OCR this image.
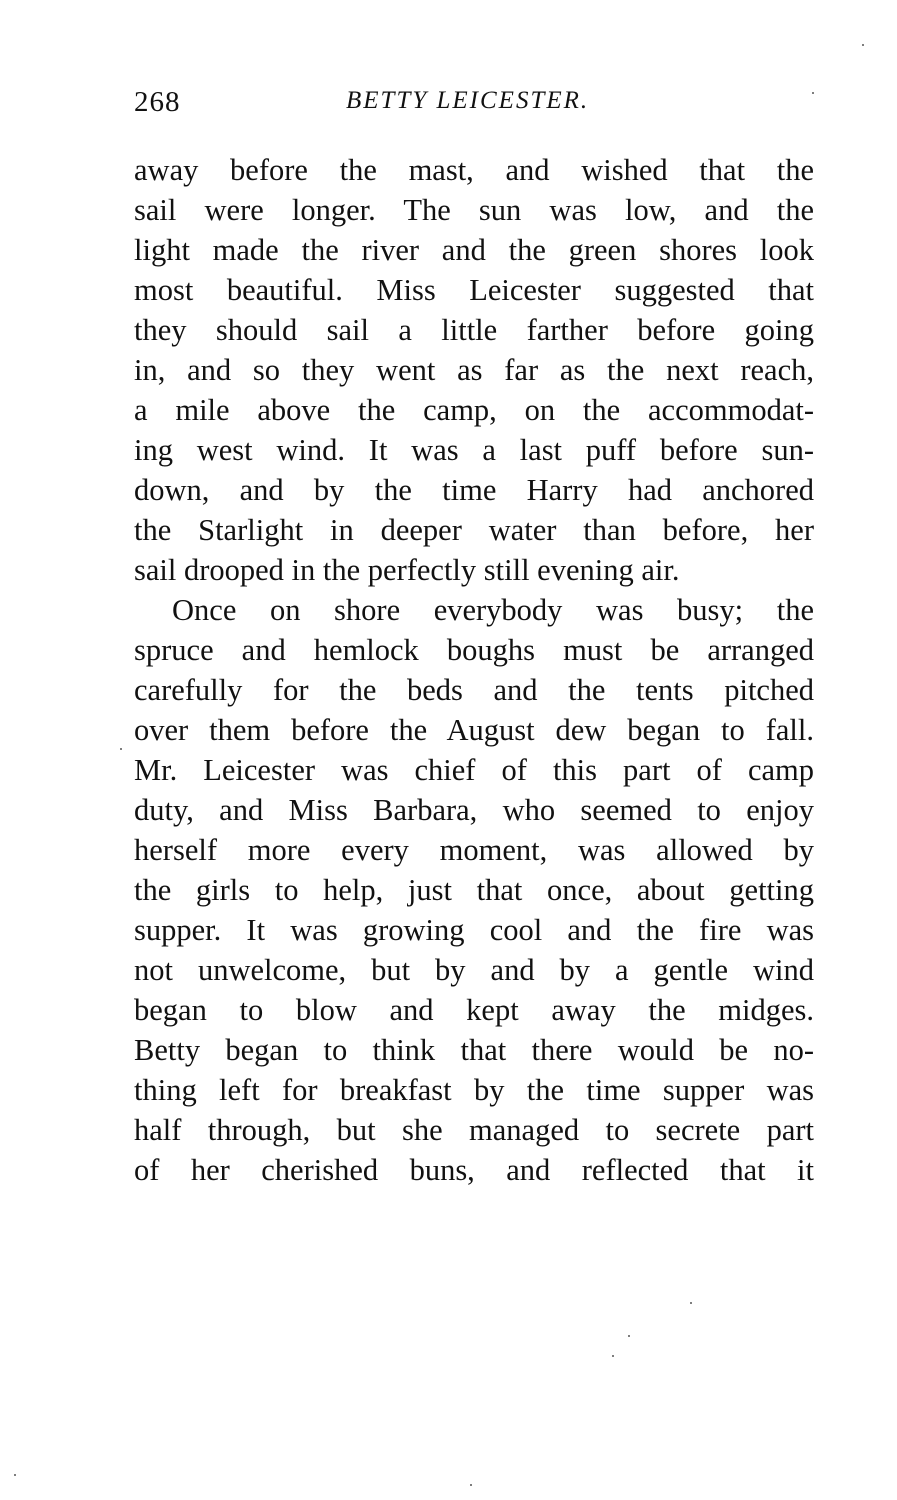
268	BETTY LEICESTER.
away before the mast, and wished that the
sail were longer. The sun was low, and the
light made the river and the green shores look
most beautiful. Miss Leicester suggested that
they should sail a little farther before going
in, and so they went as far as the next reach,
a mile above the camp, on the accommodat-
ing west wind. It was a last puff before sun-
down, and by the time Harry had anchored
the Starlight in deeper water than before, her
sail drooped in the perfectly still evening air.
Once on shore everybody was busy; the
spruce and hemlock boughs must be arranged
carefully for the beds and the tents pitched
over them before the August dew began to fall.
Mr. Leicester was chief of this part of camp
duty, and Miss Barbara, who seemed to enjoy
herself more every moment, was allowed by
the girls to help, just that once, about getting
supper. It was growing cool and the fire was
not unwelcome, but by and by a gentle wind
began to blow and kept away the midges.
Betty began to think that there would be no-
thing left for breakfast by the time supper was
half through, but she managed to secrete part
of her cherished buns, and reflected that it
